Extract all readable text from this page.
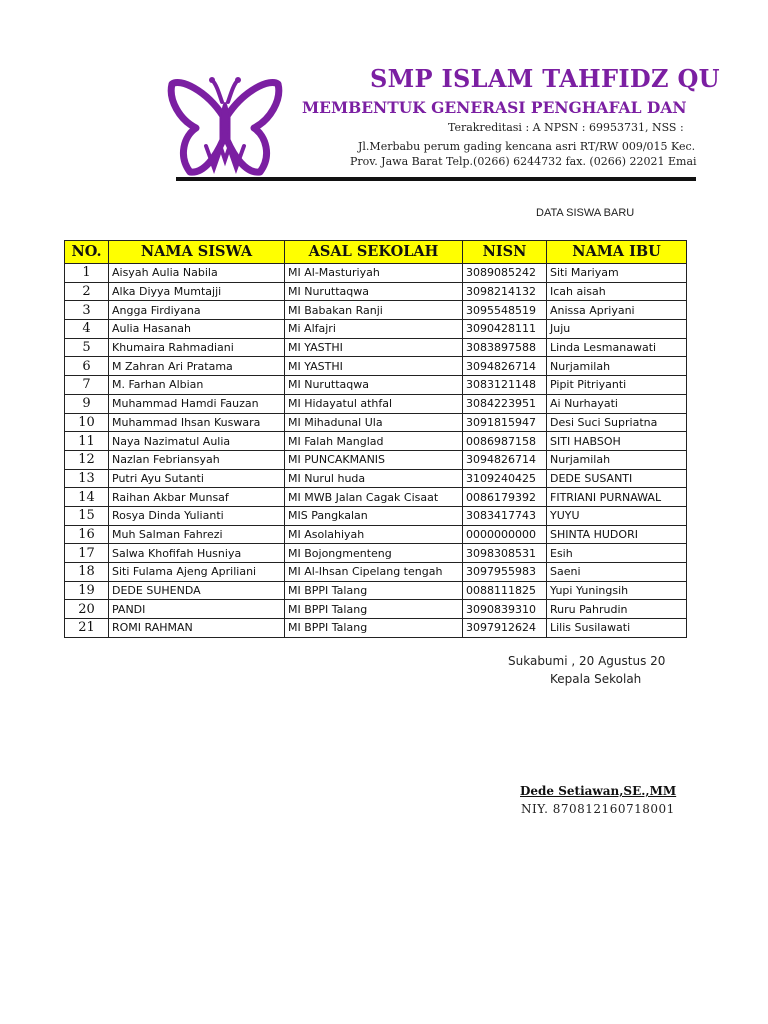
SMP ISLAM TAHFIDZ QU
MEMBENTUK GENERASI PENGHAFAL DAN
Terakreditasi : A NPSN : 69953731, NSS :
Jl.Merbabu perum gading kencana asri RT/RW 009/015 Kec.
Prov. Jawa Barat Telp.(0266) 6244732 fax. (0266) 22021 Emai
DATA SISWA BARU
NO.	NAMA SISWA	ASAL SEKOLAH	NISN	NAMA IBU
1	Aisyah Aulia Nabila	MI Al-Masturiyah	3089085242	Siti Mariyam
2	Alka Diyya Mumtajji	MI Nuruttaqwa	3098214132	Icah aisah
3	Angga Firdiyana	MI Babakan Ranji	3095548519	Anissa Apriyani
4	Aulia Hasanah	Mi Alfajri	3090428111	Juju
5	Khumaira Rahmadiani	MI YASTHI	3083897588	Linda Lesmanawati
6	M Zahran Ari Pratama	MI YASTHI	3094826714	Nurjamilah
7	M. Farhan Albian	MI Nuruttaqwa	3083121148	Pipit Pitriyanti
9	Muhammad Hamdi Fauzan	MI Hidayatul athfal	3084223951	Ai Nurhayati
10	Muhammad Ihsan Kuswara	MI Mihadunal Ula	3091815947	Desi Suci Supriatna
11	Naya Nazimatul Aulia	MI Falah Manglad	0086987158	SITI HABSOH
12	Nazlan Febriansyah	MI PUNCAKMANIS	3094826714	Nurjamilah
13	Putri Ayu Sutanti	MI Nurul huda	3109240425	DEDE SUSANTI
14	Raihan Akbar Munsaf	MI MWB Jalan Cagak Cisaat	0086179392	FITRIANI PURNAWAL
15	Rosya Dinda Yulianti	MIS Pangkalan	3083417743	YUYU
16	Muh Salman Fahrezi	MI Asolahiyah	0000000000	SHINTA HUDORI
17	Salwa Khofifah Husniya	MI Bojongmenteng	3098308531	Esih
18	Siti Fulama Ajeng Apriliani	MI Al-Ihsan Cipelang tengah	3097955983	Saeni
19	DEDE SUHENDA	MI BPPI Talang	0088111825	Yupi Yuningsih
20	PANDI	MI BPPI Talang	3090839310	Ruru Pahrudin
21	ROMI RAHMAN	MI BPPI Talang	3097912624	Lilis Susilawati
Sukabumi , 20 Agustus 20
Kepala Sekolah
Dede Setiawan,SE.,MM
NIY. 870812160718001
